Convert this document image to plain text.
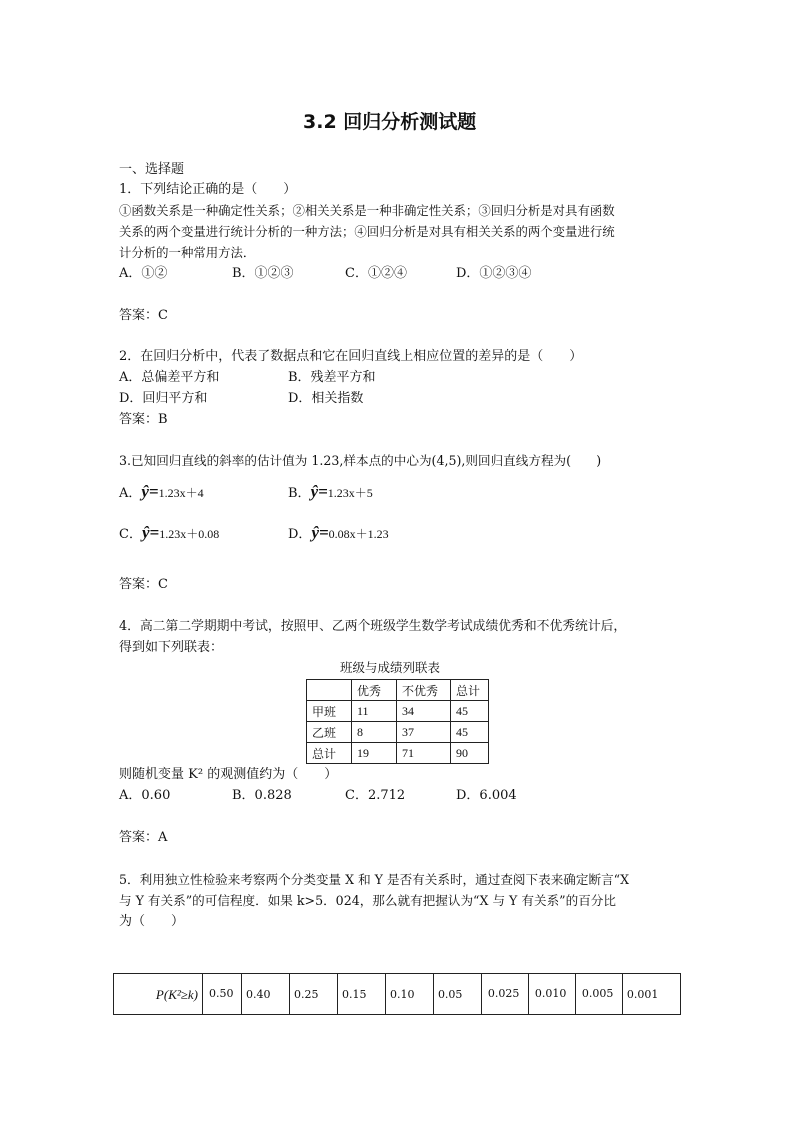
3.2 回归分析测试题
一、选择题
1．下列结论正确的是（　　）
①函数关系是一种确定性关系；②相关关系是一种非确定性关系；③回归分析是对具有函数
关系的两个变量进行统计分析的一种方法；④回归分析是对具有相关关系的两个变量进行统
计分析的一种常用方法．
A．①②	B．①②③	C．①②④	D．①②③④
答案：C
2．在回归分析中，代表了数据点和它在回归直线上相应位置的差异的是（　　）
A．总偏差平方和	B．残差平方和
D．回归平方和	D．相关指数
答案：B
3.已知回归直线的斜率的估计值为 1.23,样本点的中心为(4,5),则回归直线方程为(　　)
A．ŷ=1.23x＋4	B．ŷ=1.23x＋5
C．ŷ=1.23x＋0.08	D．ŷ=0.08x＋1.23
答案：C
4．高二第二学期期中考试，按照甲、乙两个班级学生数学考试成绩优秀和不优秀统计后，
得到如下列联表：
班级与成绩列联表
	优秀	不优秀	总计
甲班	11	34	45
乙班	8	37	45
总计	19	71	90
则随机变量 K² 的观测值约为（　　）
A．0.60	B．0.828	C．2.712	D．6.004
答案：A
5．利用独立性检验来考察两个分类变量 X 和 Y 是否有关系时，通过查阅下表来确定断言“X
与 Y 有关系”的可信程度．如果 k>5．024，那么就有把握认为“X 与 Y 有关系”的百分比
为（　　）
P(K²≥k)	0.50	0.40	0.25	0.15	0.10	0.05	0.025	0.010	0.005	0.001
